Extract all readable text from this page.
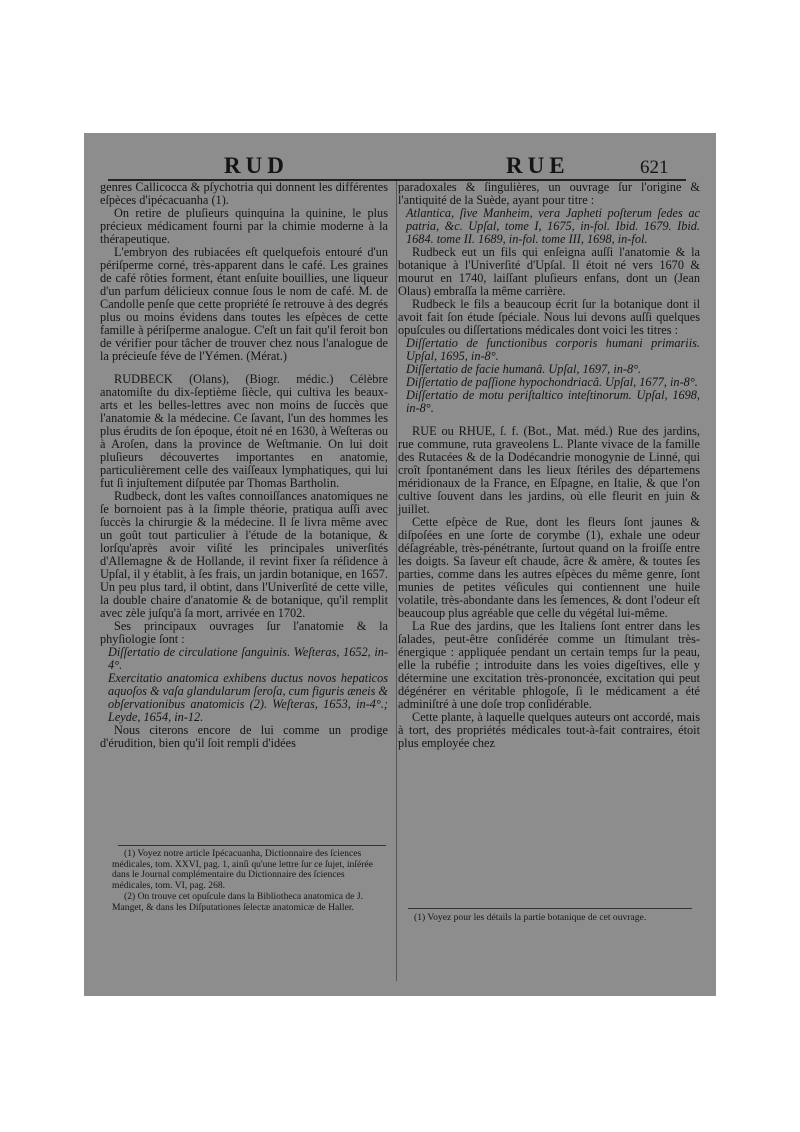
RUD	RUE	621

genres Callicocca & pſychotria qui donnent les différentes eſpèces d'ipécacuanha (1).

On retire de pluſieurs quinquina la quinine, le plus précieux médicament fourni par la chimie moderne à la thérapeutique.

L'embryon des rubiacées eſt quelquefois entouré d'un périſperme corné, très-apparent dans le café. Les graines de café rôties forment, étant enſuite bouillies, une liqueur d'un parfum délicieux connue ſous le nom de café. M. de Candolle penſe que cette propriété ſe retrouve à des degrés plus ou moins évidens dans toutes les eſpèces de cette famille à périſperme analogue. C'eſt un fait qu'il feroit bon de vérifier pour tâcher de trouver chez nous l'analogue de la précieuſe féve de l'Yémen. (Mérat.)

RUDBECK (Olans), (Biogr. médic.) Célèbre anatomiſte du dix-ſeptième ſiècle, qui cultiva les beaux-arts et les belles-lettres avec non moins de ſuccès que l'anatomie & la médecine. Ce ſavant, l'un des hommes les plus érudits de ſon époque, étoit né en 1630, à Weſteras ou à Aroſen, dans la province de Weſtmanie. On lui doit pluſieurs découvertes importantes en anatomie, particulièrement celle des vaiſſeaux lymphatiques, qui lui fut ſi injuſtement diſputée par Thomas Bartholin.

Rudbeck, dont les vaſtes connoiſſances anatomiques ne ſe bornoient pas à la ſimple théorie, pratiqua auſſi avec ſuccès la chirurgie & la médecine. Il ſe livra même avec un goût tout particulier à l'étude de la botanique, & lorſqu'après avoir viſité les principales univerſités d'Allemagne & de Hollande, il revint fixer ſa réſidence à Upſal, il y établit, à ſes frais, un jardin botanique, en 1657. Un peu plus tard, il obtint, dans l'Univerſité de cette ville, la double chaire d'anatomie & de botanique, qu'il remplit avec zèle juſqu'à ſa mort, arrivée en 1702.

Ses principaux ouvrages ſur l'anatomie & la phyſiologie ſont :

Diſſertatio de circulatione ſanguinis. Weſteras, 1652, in-4°.

Exercitatio anatomica exhibens ductus novos hepaticos aquoſos & vaſa glandularum ſeroſa, cum figuris æneis & obſervationibus anatomicis (2). Weſteras, 1653, in-4°.; Leyde, 1654, in-12.

Nous citerons encore de lui comme un prodige d'érudition, bien qu'il ſoit rempli d'idées

paradoxales & ſingulières, un ouvrage ſur l'origine & l'antiquité de la Suède, ayant pour titre :

Atlantica, ſive Manheim, vera Japheti poſterum ſedes ac patria, &c. Upſal, tome I, 1675, in-fol. Ibid. 1679. Ibid. 1684. tome II. 1689, in-fol. tome III, 1698, in-fol.

Rudbeck eut un fils qui enſeigna auſſi l'anatomie & la botanique à l'Univerſité d'Upſal. Il étoit né vers 1670 & mourut en 1740, laiſſant pluſieurs enfans, dont un (Jean Olaus) embraſſa la même carrière.

Rudbeck le fils a beaucoup écrit ſur la botanique dont il avoit fait ſon étude ſpéciale. Nous lui devons auſſi quelques opuſcules ou diſſertations médicales dont voici les titres :

Diſſertatio de functionibus corporis humani primariis. Upſal, 1695, in-8°.

Diſſertatio de facie humanâ. Upſal, 1697, in-8°.

Diſſertatio de paſſione hypochondriacâ. Upſal, 1677, in-8°.

Diſſertatio de motu periſtaltico inteſtinorum. Upſal, 1698, in-8°.

RUE ou RHUE, ſ. f. (Bot., Mat. méd.) Rue des jardins, rue commune, ruta graveolens L. Plante vivace de la famille des Rutacées & de la Dodécandrie monogynie de Linné, qui croît ſpontanément dans les lieux ſtériles des départemens méridionaux de la France, en Eſpagne, en Italie, & que l'on cultive ſouvent dans les jardins, où elle fleurit en juin & juillet.

Cette eſpèce de Rue, dont les fleurs ſont jaunes & diſpoſées en une ſorte de corymbe (1), exhale une odeur déſagréable, très-pénétrante, ſurtout quand on la froiſſe entre les doigts. Sa ſaveur eſt chaude, âcre & amère, & toutes ſes parties, comme dans les autres eſpèces du même genre, ſont munies de petites véſicules qui contiennent une huile volatile, très-abondante dans les ſemences, & dont l'odeur eſt beaucoup plus agréable que celle du végétal lui-même.

La Rue des jardins, que les Italiens ſont entrer dans les ſalades, peut-être conſidérée comme un ſtimulant très-énergique : appliquée pendant un certain temps ſur la peau, elle la rubéfie ; introduite dans les voies digeſtives, elle y détermine une excitation très-prononcée, excitation qui peut dégénérer en véritable phlogoſe, ſi le médicament a été adminiſtré à une doſe trop conſidérable.

Cette plante, à laquelle quelques auteurs ont accordé, mais à tort, des propriétés médicales tout-à-fait contraires, étoit plus employée chez

(1) Voyez notre article Ipécacuanha, Dictionnaire des ſciences médicales, tom. XXVI, pag. 1, ainſi qu'une lettre ſur ce ſujet, inſérée dans le Journal complémentaire du Dictionnaire des ſciences médicales, tom. VI, pag. 268.

(2) On trouve cet opuſcule dans la Bibliotheca anatomica de J. Manget, & dans les Diſputationes ſelectæ anatomicæ de Haller.

(1) Voyez pour les détails la partie botanique de cet ouvrage.
